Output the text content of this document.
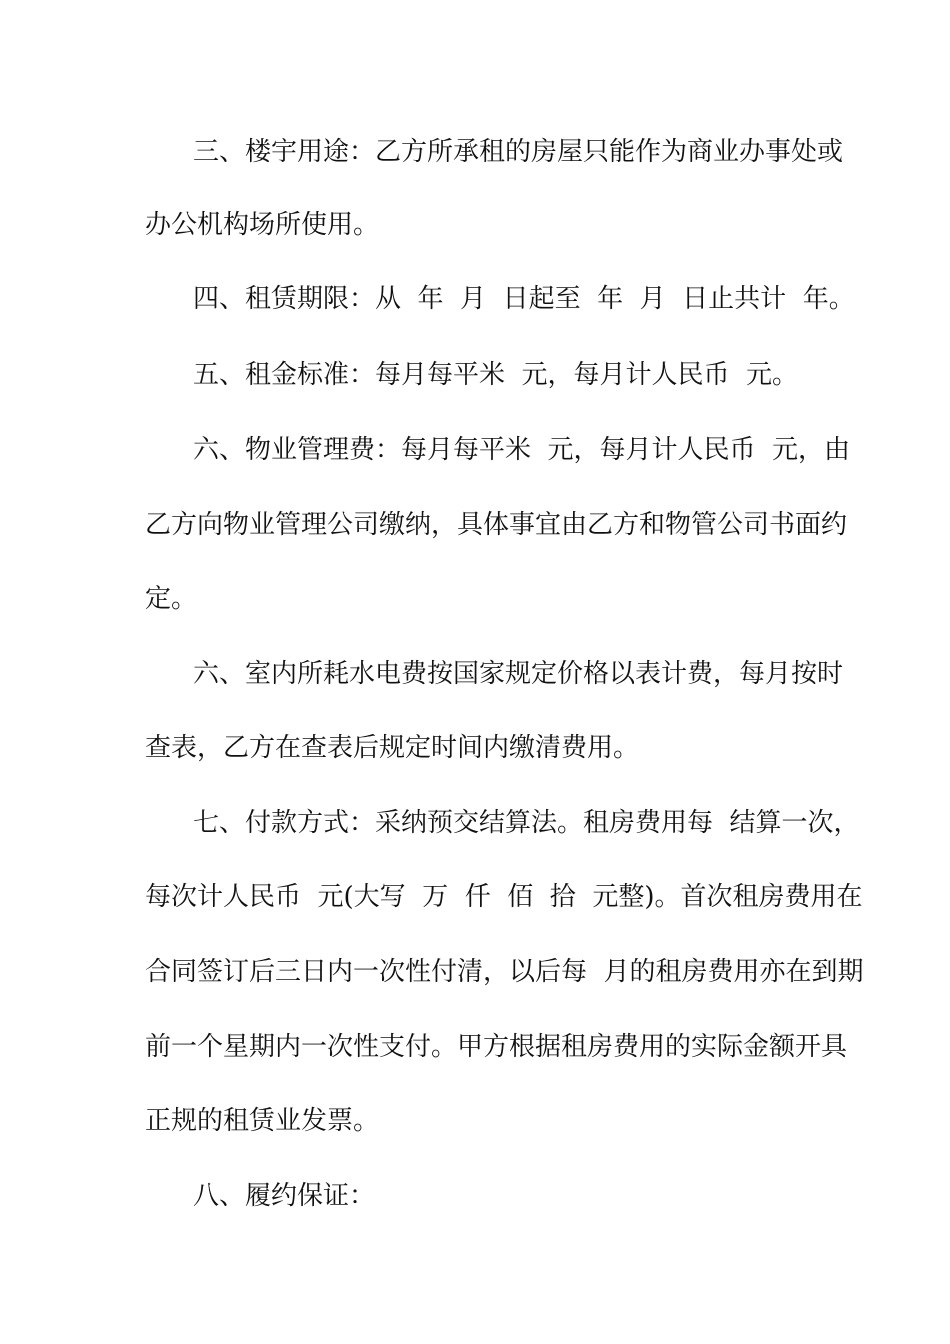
三、楼宇用途：乙方所承租的房屋只能作为商业办事处或
办公机构场所使用。
四、租赁期限：从  年  月  日起至  年  月  日止共计  年。
五、租金标准：每月每平米  元，每月计人民币  元。
六、物业管理费：每月每平米  元，每月计人民币  元，由
乙方向物业管理公司缴纳，具体事宜由乙方和物管公司书面约
定。
六、室内所耗水电费按国家规定价格以表计费，每月按时
查表，乙方在查表后规定时间内缴清费用。
七、付款方式：采纳预交结算法。租房费用每  结算一次，
每次计人民币  元(大写  万  仟  佰  拾  元整)。首次租房费用在
合同签订后三日内一次性付清，以后每  月的租房费用亦在到期
前一个星期内一次性支付。甲方根据租房费用的实际金额开具
正规的租赁业发票。
八、履约保证：
